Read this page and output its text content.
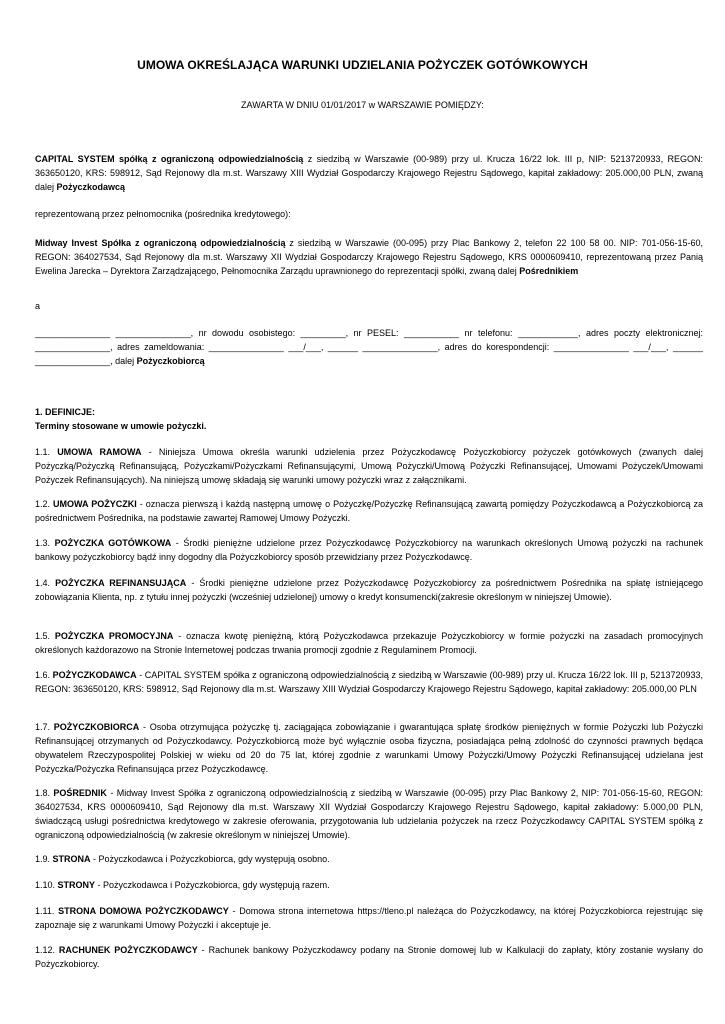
UMOWA OKREŚLAJĄCA WARUNKI UDZIELANIA POŻYCZEK GOTÓWKOWYCH

ZAWARTA W DNIU 01/01/2017 w WARSZAWIE POMIĘDZY:

CAPITAL SYSTEM spółką z ograniczoną odpowiedzialnością z siedzibą w Warszawie (00-989) przy ul. Krucza 16/22 lok. III p, NIP: 5213720933, REGON: 363650120, KRS: 598912, Sąd Rejonowy dla m.st. Warszawy XIII Wydział Gospodarczy Krajowego Rejestru Sądowego, kapitał zakładowy: 205.000,00 PLN, zwaną dalej Pożyczkodawcą

reprezentowaną przez pełnomocnika (pośrednika kredytowego):

Midway Invest Spółka z ograniczoną odpowiedzialnością z siedzibą w Warszawie (00-095) przy Plac Bankowy 2, telefon 22 100 58 00. NIP: 701-056-15-60, REGON: 364027534, Sąd Rejonowy dla m.st. Warszawy XII Wydział Gospodarczy Krajowego Rejestru Sądowego, KRS 0000609410, reprezentowaną przez Panią Ewelina Jarecka – Dyrektora Zarządzającego, Pełnomocnika Zarządu uprawnionego do reprezentacji spółki, zwaną dalej Pośrednikiem

a

_______________ _______________, nr dowodu osobistego: _________, nr PESEL: ___________ nr telefonu: ____________, adres poczty elektronicznej: _______________, adres zameldowania: _______________ ___/___, ______ _______________, adres do korespondencji: _______________ ___/___, ______ _______________, dalej Pożyczkobiorcą

1. DEFINICJE:

Terminy stosowane w umowie pożyczki.

1.1. UMOWA RAMOWA - Niniejsza Umowa określa warunki udzielenia przez Pożyczkodawcę Pożyczkobiorcy pożyczek gotówkowych (zwanych dalej Pożyczką/Pożyczką Refinansującą, Pożyczkami/Pożyczkami Refinansującymi, Umową Pożyczki/Umową Pożyczki Refinansującej, Umowami Pożyczek/Umowami Pożyczek Refinansujących). Na niniejszą umowę składają się warunki umowy pożyczki wraz z załącznikami.

1.2. UMOWA POŻYCZKI - oznacza pierwszą i każdą następną umowę o Pożyczkę/Pożyczkę Refinansującą zawartą pomiędzy Pożyczkodawcą a Pożyczkobiorcą za pośrednictwem Pośrednika, na podstawie zawartej Ramowej Umowy Pożyczki.

1.3. POŻYCZKA GOTÓWKOWA - Środki pieniężne udzielone przez Pożyczkodawcę Pożyczkobiorcy na warunkach określonych Umową pożyczki na rachunek bankowy pożyczkobiorcy bądź inny dogodny dla Pożyczkobiorcy sposób przewidziany przez Pożyczkodawcę.

1.4. POŻYCZKA REFINANSUJĄCA - Środki pieniężne udzielone przez Pożyczkodawcę Pożyczkobiorcy za pośrednictwem Pośrednika na spłatę istniejącego zobowiązania Klienta, np. z tytułu innej pożyczki (wcześniej udzielonej) umowy o kredyt konsumencki(zakresie określonym w niniejszej Umowie).

1.5. POŻYCZKA PROMOCYJNA - oznacza kwotę pieniężną, którą Pożyczkodawca przekazuje Pożyczkobiorcy w formie pożyczki na zasadach promocyjnych określonych każdorazowo na Stronie Internetowej podczas trwania promocji zgodnie z Regulaminem Promocji.

1.6. POŻYCZKODAWCA - CAPITAL SYSTEM spółka z ograniczoną odpowiedzialnością z siedzibą w Warszawie (00-989) przy ul. Krucza 16/22 lok. III p, 5213720933, REGON: 363650120, KRS: 598912, Sąd Rejonowy dla m.st. Warszawy XIII Wydział Gospodarczy Krajowego Rejestru Sądowego, kapitał zakładowy: 205.000,00 PLN

1.7. POŻYCZKOBIORCA - Osoba otrzymująca pożyczkę tj. zaciągająca zobowiązanie i gwarantująca spłatę środków pieniężnych w formie Pożyczki lub Pożyczki Refinansującej otrzymanych od Pożyczkodawcy. Pożyczkobiorcą może być wyłącznie osoba fizyczna, posiadająca pełną zdolność do czynności prawnych będąca obywatelem Rzeczypospolitej Polskiej w wieku od 20 do 75 lat, której zgodnie z warunkami Umowy Pożyczki/Umowy Pożyczki Refinansującej udzielana jest Pożyczka/Pożyczka Refinansująca przez Pożyczkodawcę.

1.8. POŚREDNIK - Midway Invest Spółka z ograniczoną odpowiedzialnością z siedzibą w Warszawie (00-095) przy Plac Bankowy 2, NIP: 701-056-15-60, REGON: 364027534, KRS 0000609410, Sąd Rejonowy dla m.st. Warszawy XII Wydział Gospodarczy Krajowego Rejestru Sądowego, kapitał zakładowy: 5.000,00 PLN, świadczącą usługi pośrednictwa kredytowego w zakresie oferowania, przygotowania lub udzielania pożyczek na rzecz Pożyczkodawcy CAPITAL SYSTEM spółką z ograniczoną odpowiedzialnością (w zakresie określonym w niniejszej Umowie).

1.9. STRONA - Pożyczkodawca i Pożyczkobiorca, gdy występują osobno.

1.10. STRONY - Pożyczkodawca i Pożyczkobiorca, gdy występują razem.

1.11. STRONA DOMOWA POŻYCZKODAWCY - Domowa strona internetowa https://tleno.pl należąca do Pożyczkodawcy, na której Pożyczkobiorca rejestrując się zapoznaje się z warunkami Umowy Pożyczki i akceptuje je.

1.12. RACHUNEK POŻYCZKODAWCY - Rachunek bankowy Pożyczkodawcy podany na Stronie domowej lub w Kalkulacji do zapłaty, który zostanie wysłany do Pożyczkobiorcy.
